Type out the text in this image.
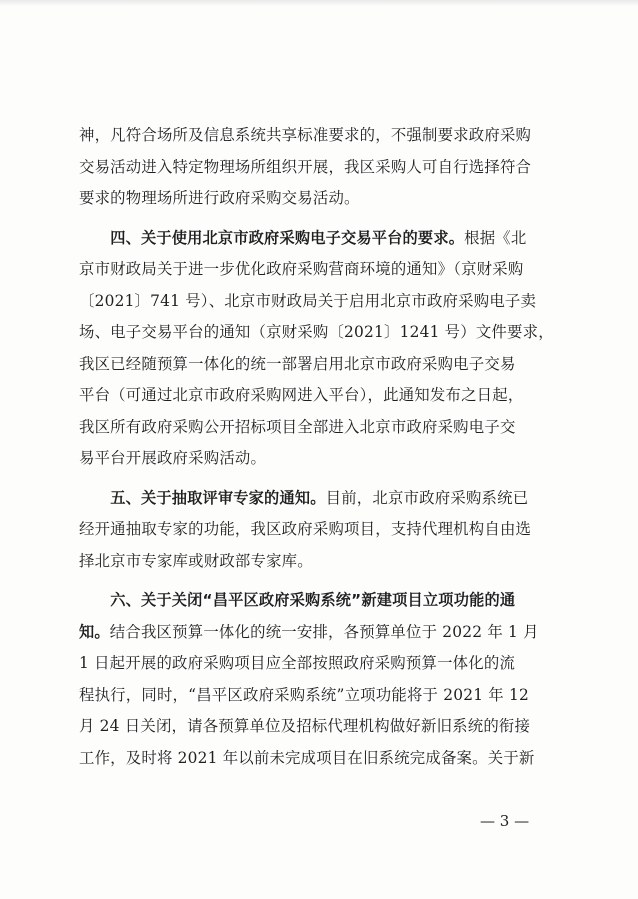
神，凡符合场所及信息系统共享标准要求的，不强制要求政府采购
交易活动进入特定物理场所组织开展，我区采购人可自行选择符合
要求的物理场所进行政府采购交易活动。
　　四、关于使用北京市政府采购电子交易平台的要求。根据《北
京市财政局关于进一步优化政府采购营商环境的通知》（京财采购
〔2021〕741 号）、北京市财政局关于启用北京市政府采购电子卖
场、电子交易平台的通知（京财采购〔2021〕1241 号）文件要求，
我区已经随预算一体化的统一部署启用北京市政府采购电子交易
平台（可通过北京市政府采购网进入平台），此通知发布之日起，
我区所有政府采购公开招标项目全部进入北京市政府采购电子交
易平台开展政府采购活动。
　　五、关于抽取评审专家的通知。目前，北京市政府采购系统已
经开通抽取专家的功能，我区政府采购项目，支持代理机构自由选
择北京市专家库或财政部专家库。
　　六、关于关闭“昌平区政府采购系统”新建项目立项功能的通
知。结合我区预算一体化的统一安排，各预算单位于 2022 年 1 月
1 日起开展的政府采购项目应全部按照政府采购预算一体化的流
程执行，同时，“昌平区政府采购系统”立项功能将于 2021 年 12
月 24 日关闭，请各预算单位及招标代理机构做好新旧系统的衔接
工作，及时将 2021 年以前未完成项目在旧系统完成备案。关于新
— 3 —
